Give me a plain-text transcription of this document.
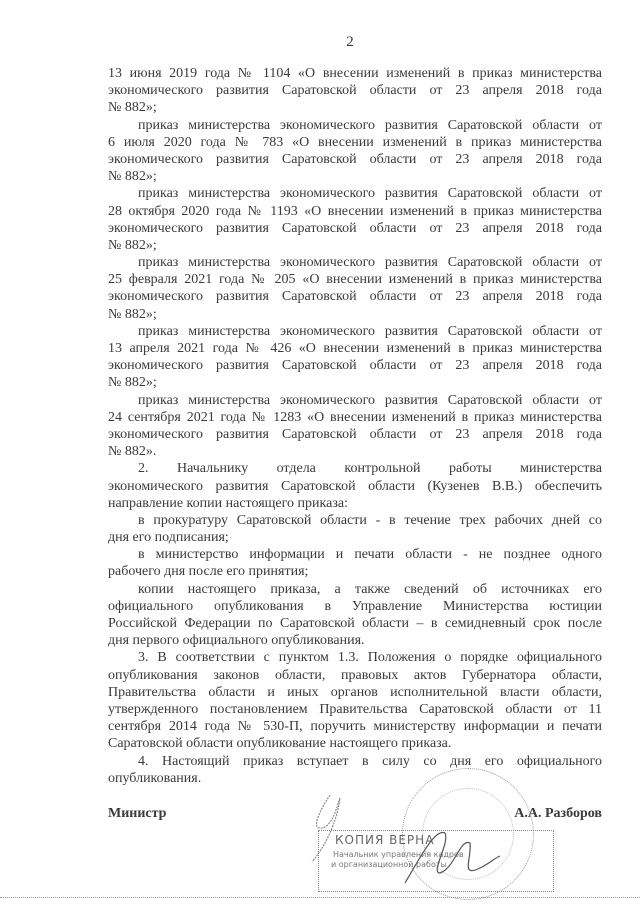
2
13 июня 2019 года № 1104 «О внесении изменений в приказ министерства
экономического развития Саратовской области от 23 апреля 2018 года
№ 882»;
приказ министерства экономического развития Саратовской области от
6 июля 2020 года № 783 «О внесении изменений в приказ министерства
экономического развития Саратовской области от 23 апреля 2018 года
№ 882»;
приказ министерства экономического развития Саратовской области от
28 октября 2020 года № 1193 «О внесении изменений в приказ министерства
экономического развития Саратовской области от 23 апреля 2018 года
№ 882»;
приказ министерства экономического развития Саратовской области от
25 февраля 2021 года № 205 «О внесении изменений в приказ министерства
экономического развития Саратовской области от 23 апреля 2018 года
№ 882»;
приказ министерства экономического развития Саратовской области от
13 апреля 2021 года № 426 «О внесении изменений в приказ министерства
экономического развития Саратовской области от 23 апреля 2018 года
№ 882»;
приказ министерства экономического развития Саратовской области от
24 сентября 2021 года № 1283 «О внесении изменений в приказ министерства
экономического развития Саратовской области от 23 апреля 2018 года
№ 882».
2. Начальнику отдела контрольной работы министерства
экономического развития Саратовской области (Кузенев В.В.) обеспечить
направление копии настоящего приказа:
в прокуратуру Саратовской области - в течение трех рабочих дней со
дня его подписания;
в министерство информации и печати области - не позднее одного
рабочего дня после его принятия;
копии настоящего приказа, а также сведений об источниках его
официального опубликования в Управление Министерства юстиции
Российской Федерации по Саратовской области – в семидневный срок после
дня первого официального опубликования.
3. В соответствии с пунктом 1.3. Положения о порядке официального
опубликования законов области, правовых актов Губернатора области,
Правительства области и иных органов исполнительной власти области,
утвержденного постановлением Правительства Саратовской области от 11
сентября 2014 года № 530-П, поручить министерству информации и печати
Саратовской области опубликование настоящего приказа.
4. Настоящий приказ вступает в силу со дня его официального
опубликования.
КОПИЯ ВЕРНА
Начальник управления кадров
и организационной работы
Министр	А.А. Разборов
